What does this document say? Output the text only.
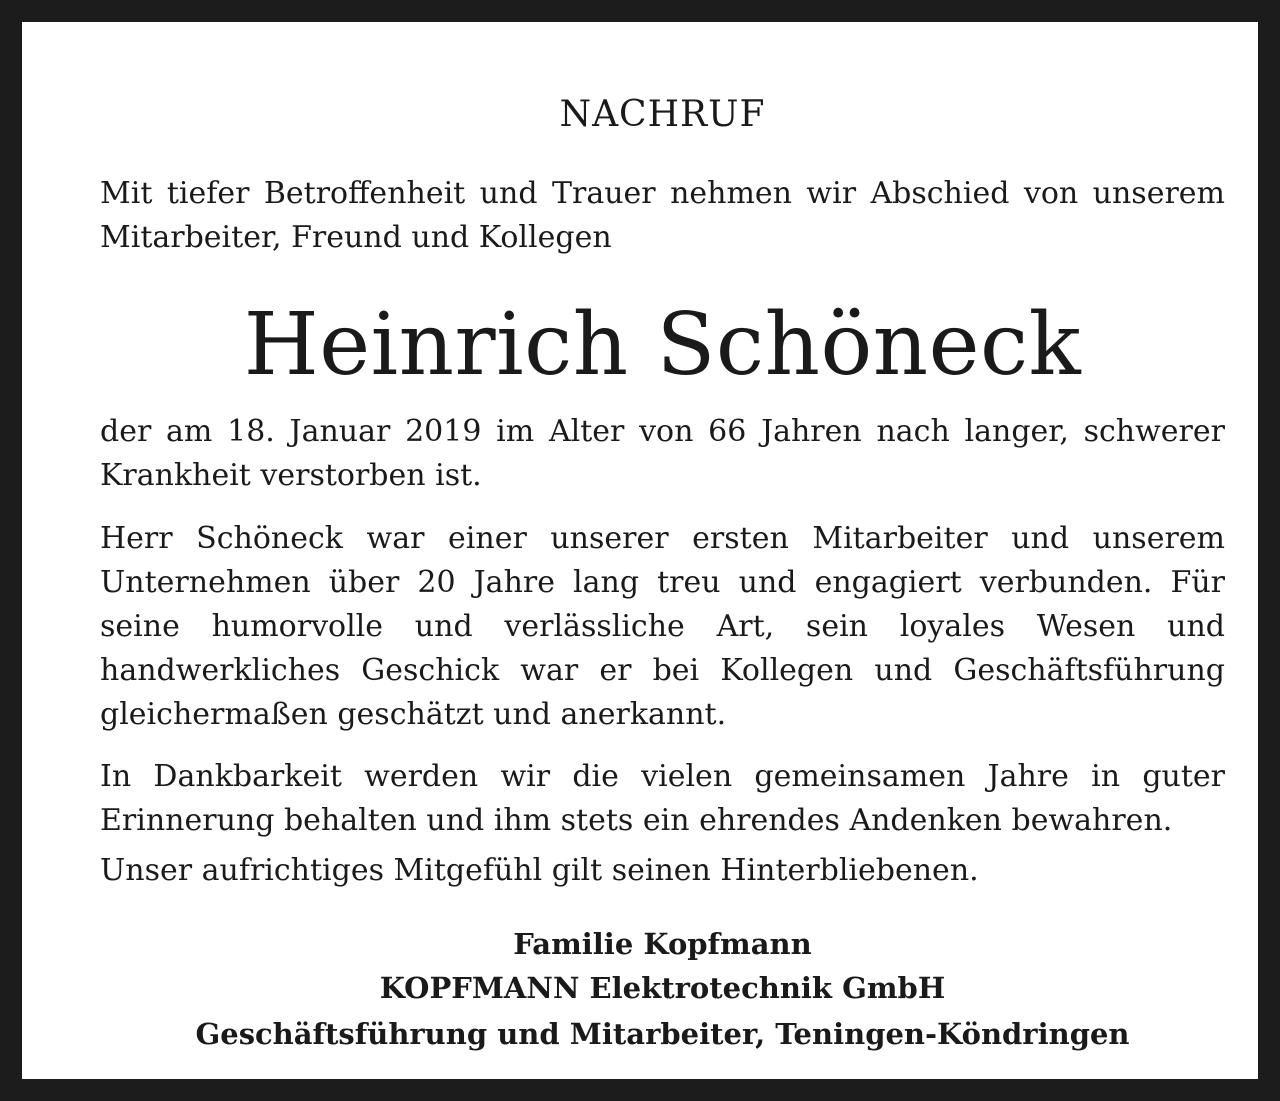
NACHRUF

Mit tiefer Betroffenheit und Trauer nehmen wir Abschied von unserem Mitarbeiter, Freund und Kollegen

Heinrich Schöneck

der am 18. Januar 2019 im Alter von 66 Jahren nach langer, schwerer Krankheit verstorben ist.

Herr Schöneck war einer unserer ersten Mitarbeiter und unserem Unternehmen über 20 Jahre lang treu und engagiert verbunden. Für seine humorvolle und verlässliche Art, sein loyales Wesen und handwerkliches Geschick war er bei Kollegen und Geschäftsführung gleichermaßen geschätzt und anerkannt.

In Dankbarkeit werden wir die vielen gemeinsamen Jahre in guter Erinnerung behalten und ihm stets ein ehrendes Andenken bewahren.

Unser aufrichtiges Mitgefühl gilt seinen Hinterbliebenen.

Familie Kopfmann
KOPFMANN Elektrotechnik GmbH
Geschäftsführung und Mitarbeiter, Teningen-Köndringen
